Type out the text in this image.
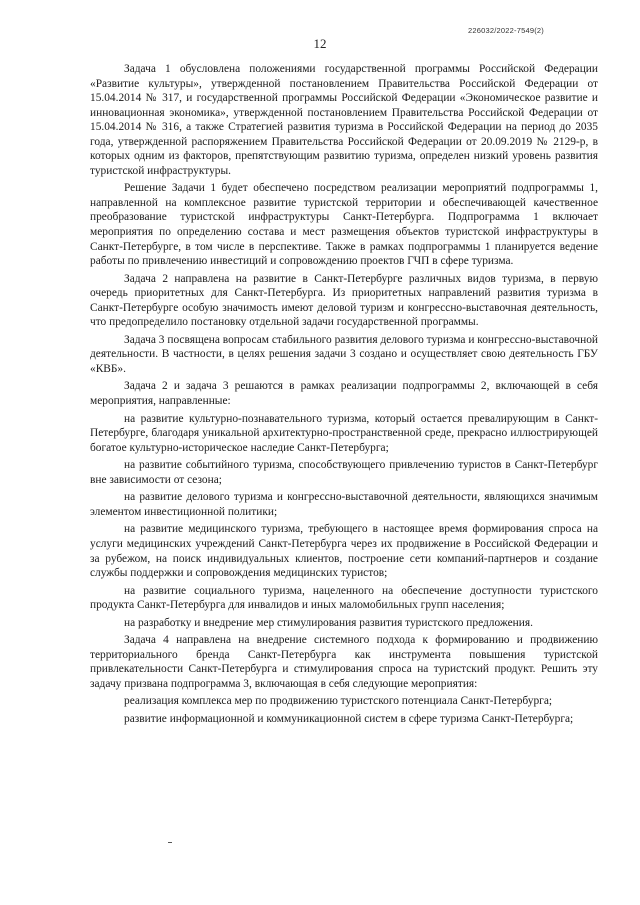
226032/2022-7549(2)
12

Задача 1 обусловлена положениями государственной программы Российской Федерации «Развитие культуры», утвержденной постановлением Правительства Российской Федерации от 15.04.2014 № 317, и государственной программы Российской Федерации «Экономическое развитие и инновационная экономика», утвержденной постановлением Правительства Российской Федерации от 15.04.2014 № 316, а также Стратегией развития туризма в Российской Федерации на период до 2035 года, утвержденной распоряжением Правительства Российской Федерации от 20.09.2019 № 2129-р, в которых одним из факторов, препятствующим развитию туризма, определен низкий уровень развития туристской инфраструктуры.

Решение Задачи 1 будет обеспечено посредством реализации мероприятий подпрограммы 1, направленной на комплексное развитие туристской территории и обеспечивающей качественное преобразование туристской инфраструктуры Санкт-Петербурга. Подпрограмма 1 включает мероприятия по определению состава и мест размещения объектов туристской инфраструктуры в Санкт-Петербурге, в том числе в перспективе. Также в рамках подпрограммы 1 планируется ведение работы по привлечению инвестиций и сопровождению проектов ГЧП в сфере туризма.

Задача 2 направлена на развитие в Санкт-Петербурге различных видов туризма, в первую очередь приоритетных для Санкт-Петербурга. Из приоритетных направлений развития туризма в Санкт-Петербурге особую значимость имеют деловой туризм и конгрессно-выставочная деятельность, что предопределило постановку отдельной задачи государственной программы.

Задача 3 посвящена вопросам стабильного развития делового туризма и конгрессно-выставочной деятельности. В частности, в целях решения задачи 3 создано и осуществляет свою деятельность ГБУ «КВБ».

Задача 2 и задача 3 решаются в рамках реализации подпрограммы 2, включающей в себя мероприятия, направленные:

на развитие культурно-познавательного туризма, который остается превалирующим в Санкт-Петербурге, благодаря уникальной архитектурно-пространственной среде, прекрасно иллюстрирующей богатое культурно-историческое наследие Санкт-Петербурга;

на развитие событийного туризма, способствующего привлечению туристов в Санкт-Петербург вне зависимости от сезона;

на развитие делового туризма и конгрессно-выставочной деятельности, являющихся значимым элементом инвестиционной политики;

на развитие медицинского туризма, требующего в настоящее время формирования спроса на услуги медицинских учреждений Санкт-Петербурга через их продвижение в Российской Федерации и за рубежом, на поиск индивидуальных клиентов, построение сети компаний-партнеров и создание службы поддержки и сопровождения медицинских туристов;

на развитие социального туризма, нацеленного на обеспечение доступности туристского продукта Санкт-Петербурга для инвалидов и иных маломобильных групп населения;

на разработку и внедрение мер стимулирования развития туристского предложения.

Задача 4 направлена на внедрение системного подхода к формированию и продвижению территориального бренда Санкт-Петербурга как инструмента повышения туристской привлекательности Санкт-Петербурга и стимулирования спроса на туристский продукт. Решить эту задачу призвана подпрограмма 3, включающая в себя следующие мероприятия:

реализация комплекса мер по продвижению туристского потенциала Санкт-Петербурга;

развитие информационной и коммуникационной систем в сфере туризма Санкт-Петербурга;
